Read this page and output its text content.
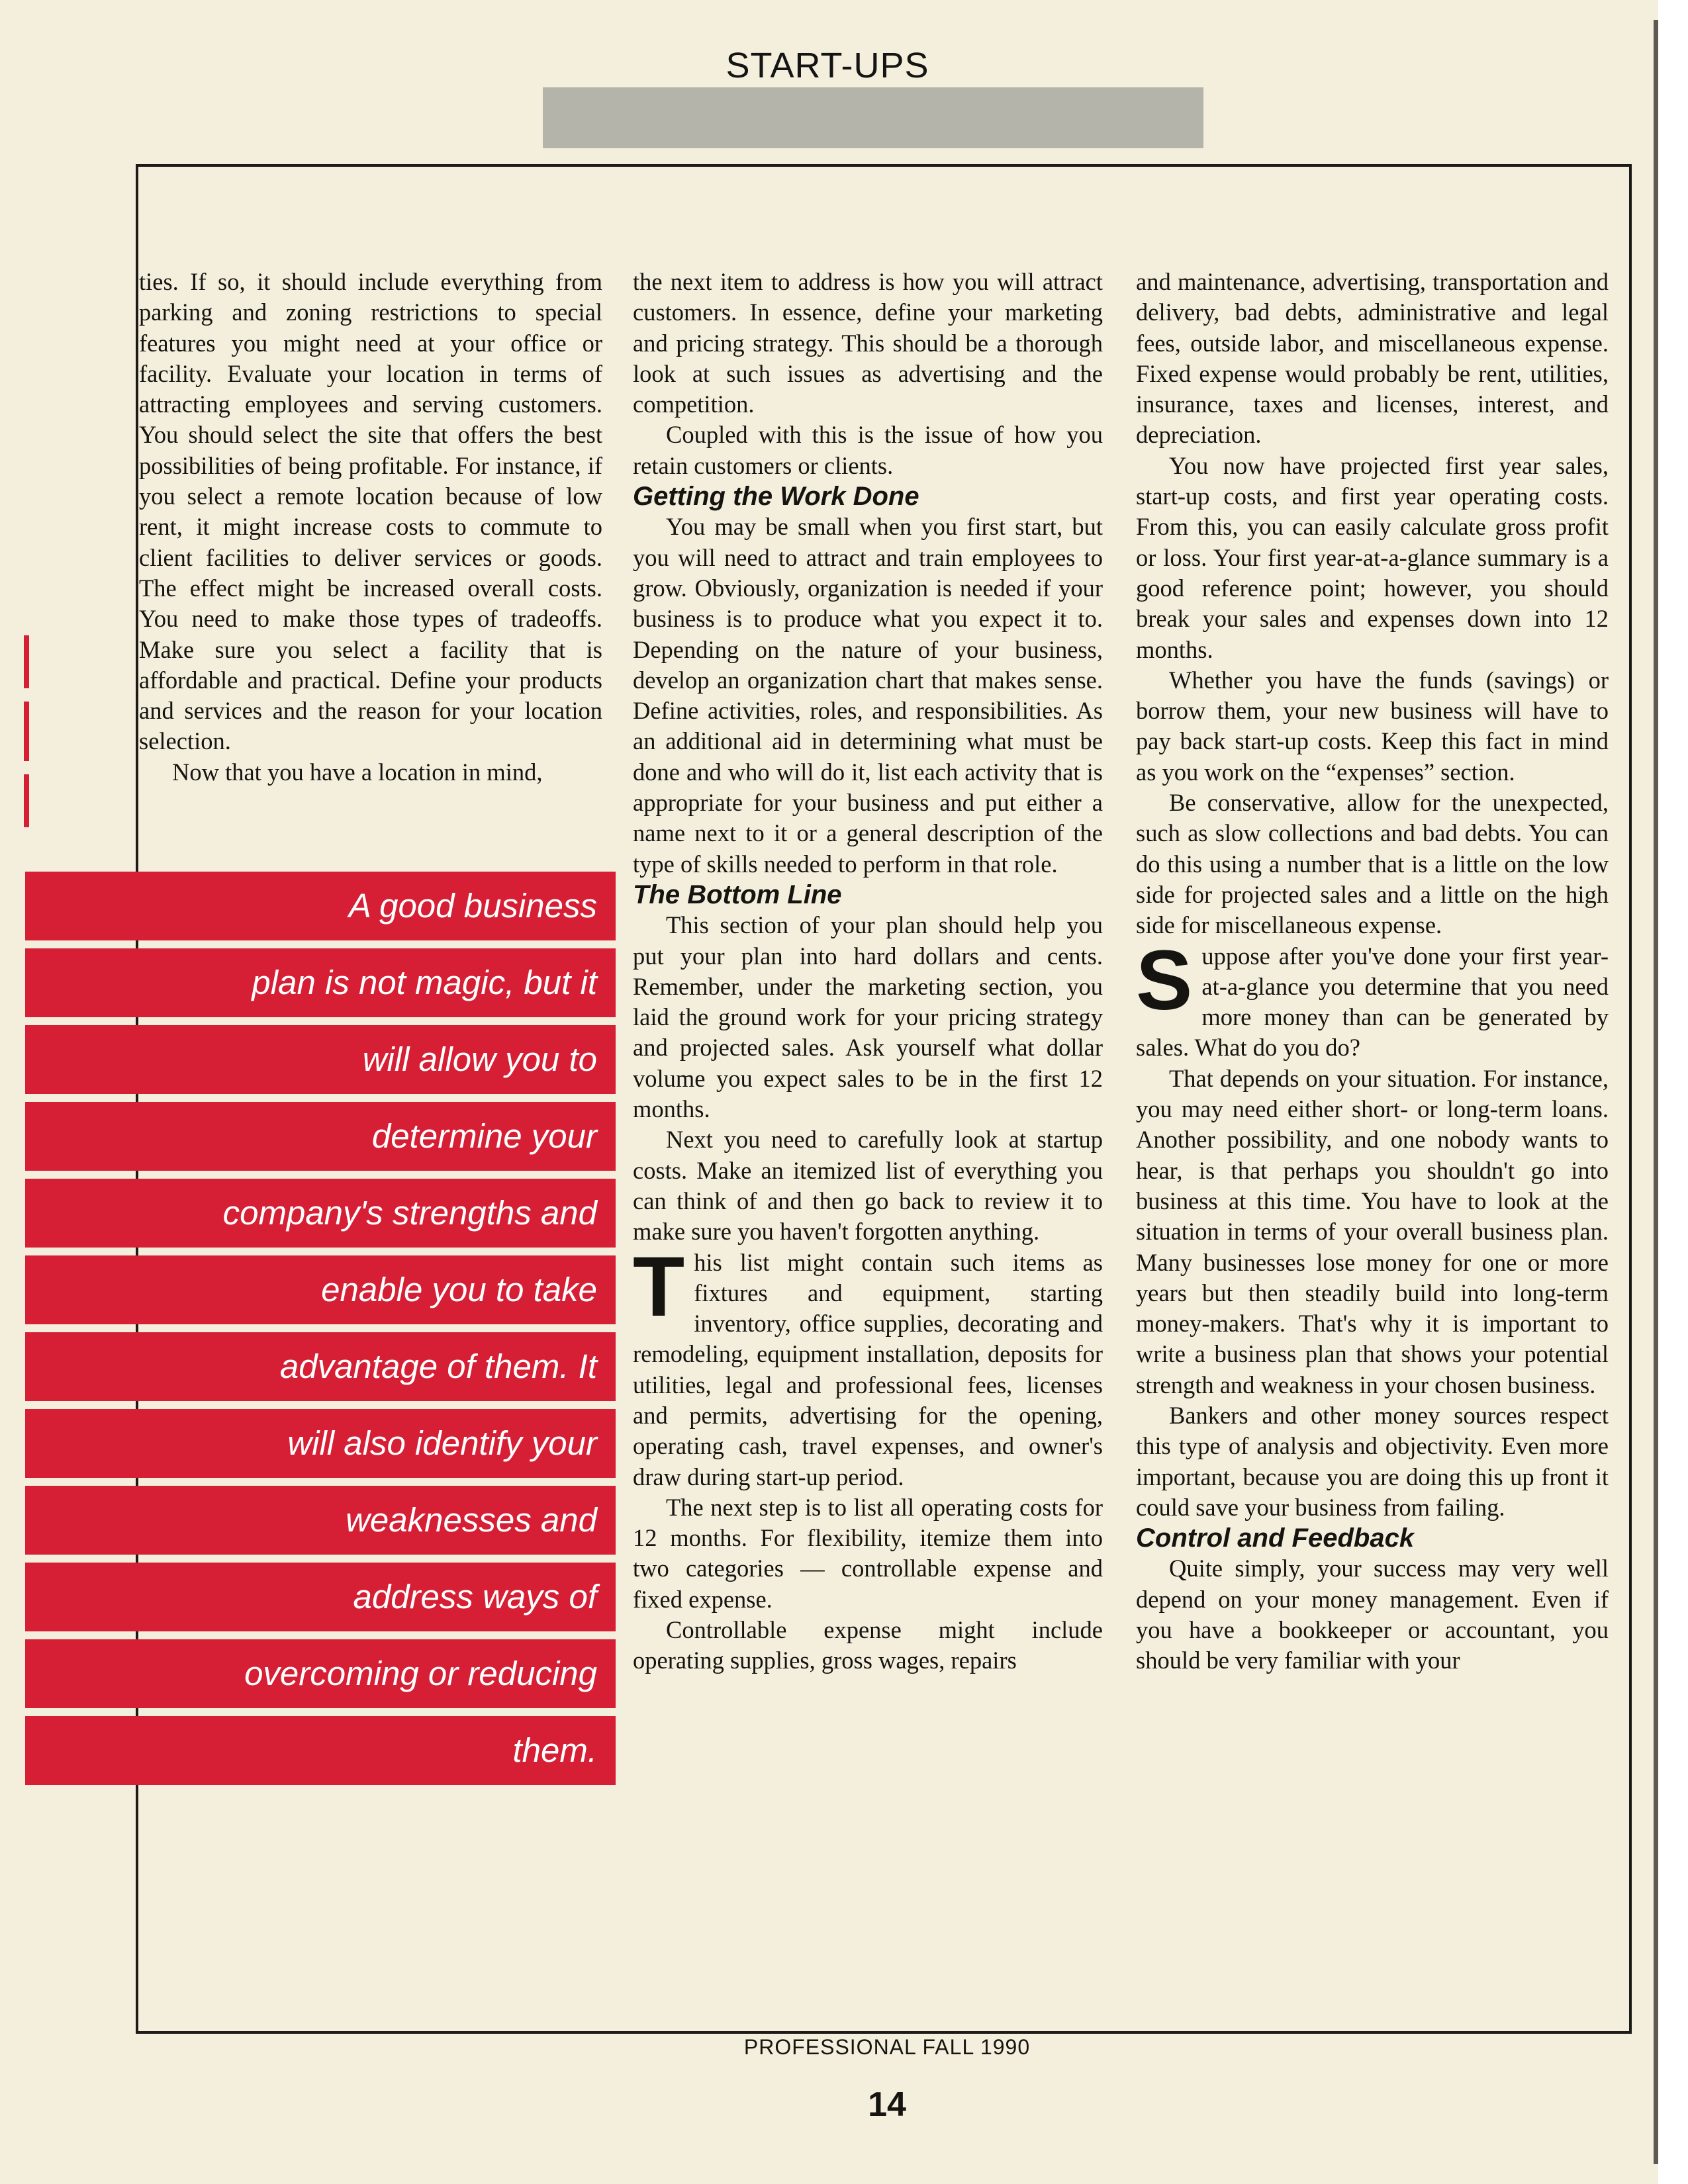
START-UPS

ties. If so, it should include everything from parking and zoning restrictions to special features you might need at your office or facility. Evaluate your location in terms of attracting employees and serving customers. You should select the site that offers the best possibilities of being profitable. For instance, if you select a remote location because of low rent, it might increase costs to commute to client facilities to deliver services or goods. The effect might be increased overall costs. You need to make those types of tradeoffs. Make sure you select a facility that is affordable and practical. Define your products and services and the reason for your location selection.

Now that you have a location in mind,

the next item to address is how you will attract customers. In essence, define your marketing and pricing strategy. This should be a thorough look at such issues as advertising and the competition.

Coupled with this is the issue of how you retain customers or clients.

Getting the Work Done

You may be small when you first start, but you will need to attract and train employees to grow. Obviously, organization is needed if your business is to produce what you expect it to. Depending on the nature of your business, develop an organization chart that makes sense. Define activities, roles, and responsibilities. As an additional aid in determining what must be done and who will do it, list each activity that is appropriate for your business and put either a name next to it or a general description of the type of skills needed to perform in that role.

The Bottom Line

This section of your plan should help you put your plan into hard dollars and cents. Remember, under the marketing section, you laid the ground work for your pricing strategy and projected sales. Ask yourself what dollar volume you expect sales to be in the first 12 months.

Next you need to carefully look at startup costs. Make an itemized list of everything you can think of and then go back to review it to make sure you haven't forgotten anything.

This list might contain such items as fixtures and equipment, starting inventory, office supplies, decorating and remodeling, equipment installation, deposits for utilities, legal and professional fees, licenses and permits, advertising for the opening, operating cash, travel expenses, and owner's draw during start-up period.

The next step is to list all operating costs for 12 months. For flexibility, itemize them into two categories — controllable expense and fixed expense.

Controllable expense might include operating supplies, gross wages, repairs

and maintenance, advertising, transportation and delivery, bad debts, administrative and legal fees, outside labor, and miscellaneous expense. Fixed expense would probably be rent, utilities, insurance, taxes and licenses, interest, and depreciation.

You now have projected first year sales, start-up costs, and first year operating costs. From this, you can easily calculate gross profit or loss. Your first year-at-a-glance summary is a good reference point; however, you should break your sales and expenses down into 12 months.

Whether you have the funds (savings) or borrow them, your new business will have to pay back start-up costs. Keep this fact in mind as you work on the “expenses” section.

Be conservative, allow for the unexpected, such as slow collections and bad debts. You can do this using a number that is a little on the low side for projected sales and a little on the high side for miscellaneous expense.

Suppose after you've done your first year-at-a-glance you determine that you need more money than can be generated by sales. What do you do?

That depends on your situation. For instance, you may need either short- or long-term loans. Another possibility, and one nobody wants to hear, is that perhaps you shouldn't go into business at this time. You have to look at the situation in terms of your overall business plan. Many businesses lose money for one or more years but then steadily build into long-term money-makers. That's why it is important to write a business plan that shows your potential strength and weakness in your chosen business.

Bankers and other money sources respect this type of analysis and objectivity. Even more important, because you are doing this up front it could save your business from failing.

Control and Feedback

Quite simply, your success may very well depend on your money management. Even if you have a bookkeeper or accountant, you should be very familiar with your

A good business
plan is not magic, but it
will allow you to
determine your
company's strengths and
enable you to take
advantage of them. It
will also identify your
weaknesses and
address ways of
overcoming or reducing
them.
PROFESSIONAL FALL 1990
14
